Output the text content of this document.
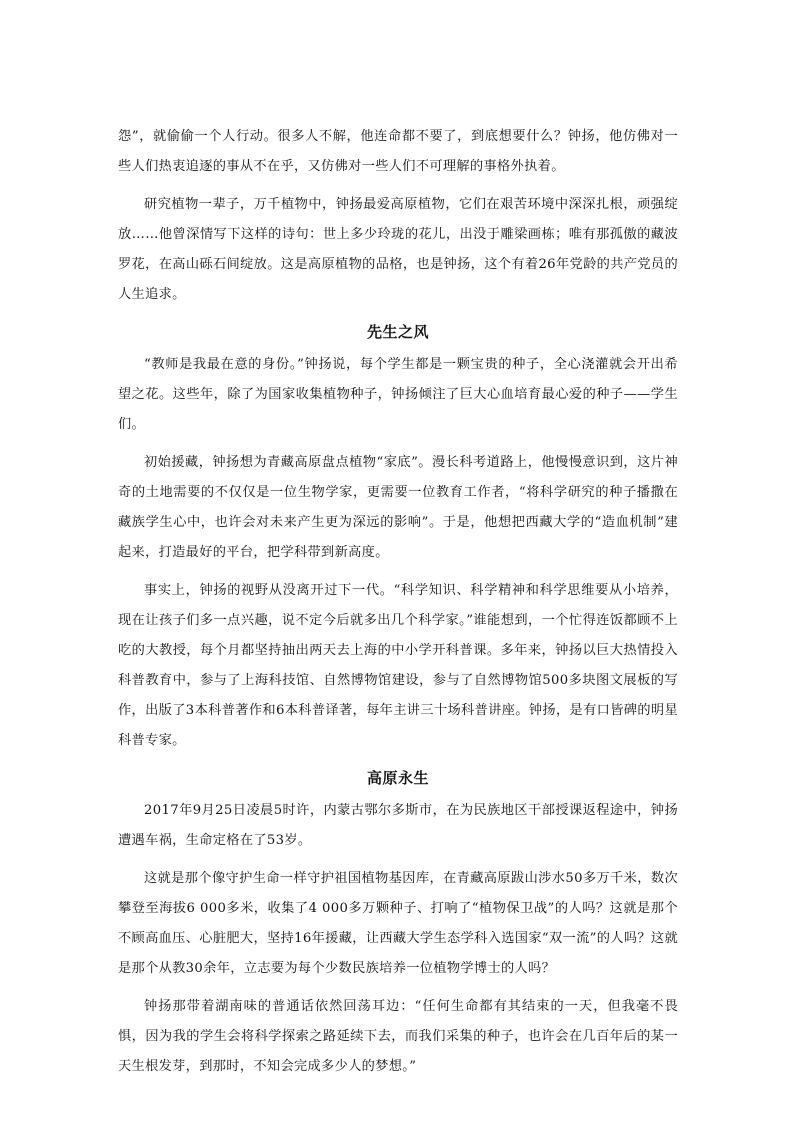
怨”，就偷偷一个人行动。很多人不解，他连命都不要了，到底想要什么？钟扬，他仿佛对一些人们热衷追逐的事从不在乎，又仿佛对一些人们不可理解的事格外执着。

研究植物一辈子，万千植物中，钟扬最爱高原植物，它们在艰苦环境中深深扎根，顽强绽放……他曾深情写下这样的诗句：世上多少玲珑的花儿，出没于雕梁画栋；唯有那孤傲的藏波罗花，在高山砾石间绽放。这是高原植物的品格，也是钟扬，这个有着26年党龄的共产党员的人生追求。

先生之风

“教师是我最在意的身份。”钟扬说，每个学生都是一颗宝贵的种子，全心浇灌就会开出希望之花。这些年，除了为国家收集植物种子，钟扬倾注了巨大心血培育最心爱的种子——学生们。

初始援藏，钟扬想为青藏高原盘点植物“家底”。漫长科考道路上，他慢慢意识到，这片神奇的土地需要的不仅仅是一位生物学家，更需要一位教育工作者，“将科学研究的种子播撒在藏族学生心中，也许会对未来产生更为深远的影响”。于是，他想把西藏大学的“造血机制”建起来，打造最好的平台，把学科带到新高度。

事实上，钟扬的视野从没离开过下一代。“科学知识、科学精神和科学思维要从小培养，现在让孩子们多一点兴趣，说不定今后就多出几个科学家。”谁能想到，一个忙得连饭都顾不上吃的大教授，每个月都坚持抽出两天去上海的中小学开科普课。多年来，钟扬以巨大热情投入科普教育中，参与了上海科技馆、自然博物馆建设，参与了自然博物馆500多块图文展板的写作，出版了3本科普著作和6本科普译著，每年主讲三十场科普讲座。钟扬，是有口皆碑的明星科普专家。

高原永生

2017年9月25日凌晨5时许，内蒙古鄂尔多斯市，在为民族地区干部授课返程途中，钟扬遭遇车祸，生命定格在了53岁。

这就是那个像守护生命一样守护祖国植物基因库，在青藏高原跋山涉水50多万千米，数次攀登至海拔6 000多米，收集了4 000多万颗种子、打响了“植物保卫战”的人吗？这就是那个不顾高血压、心脏肥大，坚持16年援藏，让西藏大学生态学科入选国家“双一流”的人吗？这就是那个从教30余年，立志要为每个少数民族培养一位植物学博士的人吗？

钟扬那带着湖南味的普通话依然回荡耳边：“任何生命都有其结束的一天，但我毫不畏惧，因为我的学生会将科学探索之路延续下去，而我们采集的种子，也许会在几百年后的某一天生根发芽，到那时，不知会完成多少人的梦想。”
